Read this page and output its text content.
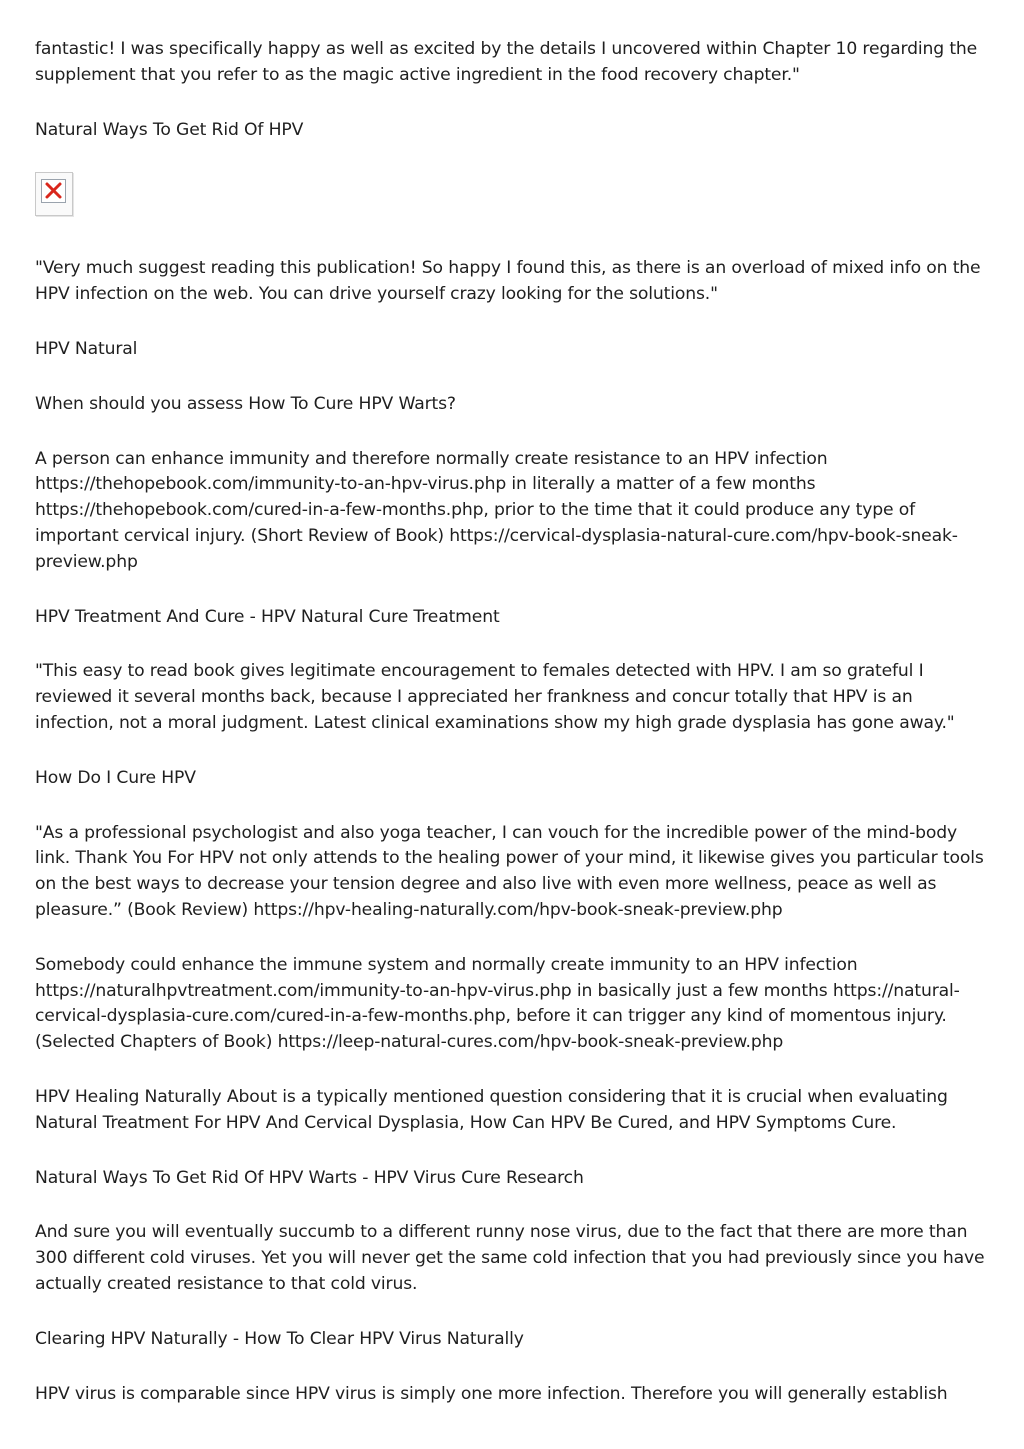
fantastic! I was specifically happy as well as excited by the details I uncovered within Chapter 10 regarding the supplement that you refer to as the magic active ingredient in the food recovery chapter."

Natural Ways To Get Rid Of HPV

"Very much suggest reading this publication! So happy I found this, as there is an overload of mixed info on the HPV infection on the web. You can drive yourself crazy looking for the solutions."

HPV Natural

When should you assess How To Cure HPV Warts?

A person can enhance immunity and therefore normally create resistance to an HPV infection https://thehopebook.com/immunity-to-an-hpv-virus.php in literally a matter of a few months https://thehopebook.com/cured-in-a-few-months.php, prior to the time that it could produce any type of important cervical injury. (Short Review of Book) https://cervical-dysplasia-natural-cure.com/hpv-book-sneak-preview.php

HPV Treatment And Cure - HPV Natural Cure Treatment

"This easy to read book gives legitimate encouragement to females detected with HPV. I am so grateful I reviewed it several months back, because I appreciated her frankness and concur totally that HPV is an infection, not a moral judgment. Latest clinical examinations show my high grade dysplasia has gone away."

How Do I Cure HPV

"As a professional psychologist and also yoga teacher, I can vouch for the incredible power of the mind-body link. Thank You For HPV not only attends to the healing power of your mind, it likewise gives you particular tools on the best ways to decrease your tension degree and also live with even more wellness, peace as well as pleasure.” (Book Review) https://hpv-healing-naturally.com/hpv-book-sneak-preview.php

Somebody could enhance the immune system and normally create immunity to an HPV infection https://naturalhpvtreatment.com/immunity-to-an-hpv-virus.php in basically just a few months https://natural-cervical-dysplasia-cure.com/cured-in-a-few-months.php, before it can trigger any kind of momentous injury. (Selected Chapters of Book) https://leep-natural-cures.com/hpv-book-sneak-preview.php

HPV Healing Naturally About is a typically mentioned question considering that it is crucial when evaluating Natural Treatment For HPV And Cervical Dysplasia, How Can HPV Be Cured, and HPV Symptoms Cure.

Natural Ways To Get Rid Of HPV Warts - HPV Virus Cure Research

And sure you will eventually succumb to a different runny nose virus, due to the fact that there are more than 300 different cold viruses. Yet you will never get the same cold infection that you had previously since you have actually created resistance to that cold virus.

Clearing HPV Naturally - How To Clear HPV Virus Naturally

HPV virus is comparable since HPV virus is simply one more infection. Therefore you will generally establish
